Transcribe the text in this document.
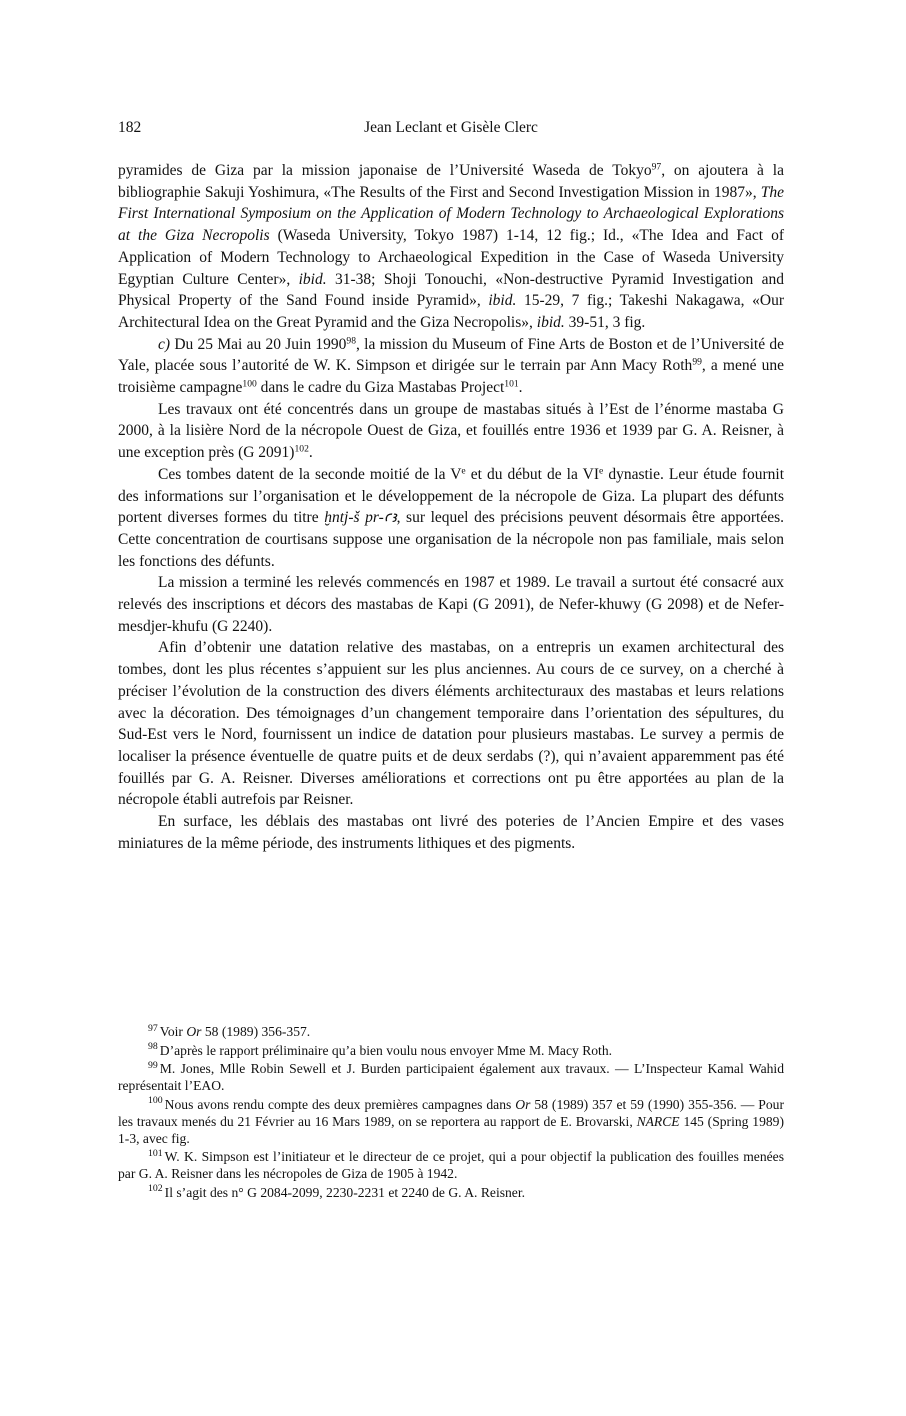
182	Jean Leclant et Gisèle Clerc

pyramides de Giza par la mission japonaise de l’Université Waseda de Tokyo$^{97}$, on ajoutera à la bibliographie Sakuji Yoshimura, «The Results of the First and Second Investigation Mission in 1987», The First International Symposium on the Application of Modern Technology to Archaeological Explorations at the Giza Necropolis (Waseda University, Tokyo 1987) 1-14, 12 fig.; Id., «The Idea and Fact of Application of Modern Technology to Archaeological Expedition in the Case of Waseda University Egyptian Culture Center», ibid. 31-38; Shoji Tonouchi, «Non-destructive Pyramid Investigation and Physical Property of the Sand Found inside Pyramid», ibid. 15-29, 7 fig.; Takeshi Nakagawa, «Our Architectural Idea on the Great Pyramid and the Giza Necropolis», ibid. 39-51, 3 fig.

c) Du 25 Mai au 20 Juin 1990$^{98}$, la mission du Museum of Fine Arts de Boston et de l’Université de Yale, placée sous l’autorité de W. K. Simpson et dirigée sur le terrain par Ann Macy Roth$^{99}$, a mené une troisième campagne$^{100}$ dans le cadre du Giza Mastabas Project$^{101}$.

Les travaux ont été concentrés dans un groupe de mastabas situés à l’Est de l’énorme mastaba G 2000, à la lisière Nord de la nécropole Ouest de Giza, et fouillés entre 1936 et 1939 par G. A. Reisner, à une exception près (G 2091)$^{102}$.

Ces tombes datent de la seconde moitié de la Ve et du début de la VIe dynastie. Leur étude fournit des informations sur l’organisation et le développement de la nécropole de Giza. La plupart des défunts portent diverses formes du titre ḫntj-š pr-ꜥꜣ, sur lequel des précisions peuvent désormais être apportées. Cette concentration de courtisans suppose une organisation de la nécropole non pas familiale, mais selon les fonctions des défunts.

La mission a terminé les relevés commencés en 1987 et 1989. Le travail a surtout été consacré aux relevés des inscriptions et décors des mastabas de Kapi (G 2091), de Nefer-khuwy (G 2098) et de Nefer-mesdjer-khufu (G 2240).

Afin d’obtenir une datation relative des mastabas, on a entrepris un examen architectural des tombes, dont les plus récentes s’appuient sur les plus anciennes. Au cours de ce survey, on a cherché à préciser l’évolution de la construction des divers éléments architecturaux des mastabas et leurs relations avec la décoration. Des témoignages d’un changement temporaire dans l’orientation des sépultures, du Sud-Est vers le Nord, fournissent un indice de datation pour plusieurs mastabas. Le survey a permis de localiser la présence éventuelle de quatre puits et de deux serdabs (?), qui n’avaient apparemment pas été fouillés par G. A. Reisner. Diverses améliorations et corrections ont pu être apportées au plan de la nécropole établi autrefois par Reisner.

En surface, les déblais des mastabas ont livré des poteries de l’Ancien Empire et des vases miniatures de la même période, des instruments lithiques et des pigments.

$^{97}$ Voir Or 58 (1989) 356-357.

$^{98}$ D’après le rapport préliminaire qu’a bien voulu nous envoyer Mme M. Macy Roth.

$^{99}$ M. Jones, Mlle Robin Sewell et J. Burden participaient également aux travaux. — L’Inspecteur Kamal Wahid représentait l’EAO.

$^{100}$ Nous avons rendu compte des deux premières campagnes dans Or 58 (1989) 357 et 59 (1990) 355-356. — Pour les travaux menés du 21 Février au 16 Mars 1989, on se reportera au rapport de E. Brovarski, NARCE 145 (Spring 1989) 1-3, avec fig.

$^{101}$ W. K. Simpson est l’initiateur et le directeur de ce projet, qui a pour objectif la publication des fouilles menées par G. A. Reisner dans les nécropoles de Giza de 1905 à 1942.

$^{102}$ Il s’agit des n° G 2084-2099, 2230-2231 et 2240 de G. A. Reisner.
